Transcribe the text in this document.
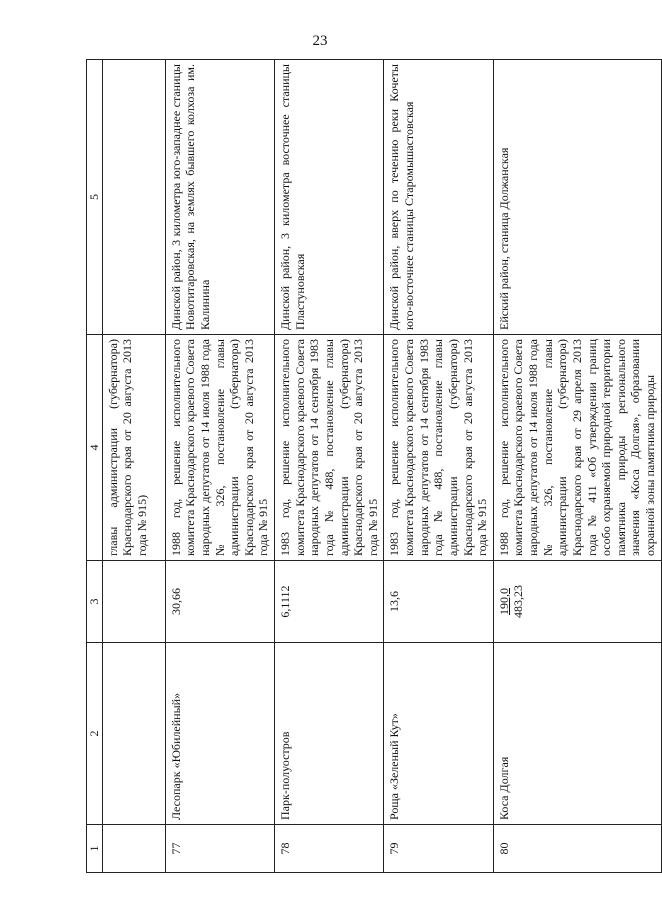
23
1	2	3	4	5
			главы администрации (губернатора) Краснодарского края от 20 августа 2013 года № 915)	
77	Лесопарк «Юбилейный»	30,66	1988 год, решение исполнительного комитета Краснодарского краевого Совета народных депутатов от 14 июля 1988 года № 326, постановление главы администрации (губернатора) Краснодарского края от 20 августа 2013 года № 915	Динской район, 3 километра юго-западнее станицы Новотитаровская, на землях бывшего колхоза им. Калинина
78	Парк-полуостров	6,1112	1983 год, решение исполнительного комитета Краснодарского краевого Совета народных депутатов от 14 сентября 1983 года № 488, постановление главы администрации (губернатора) Краснодарского края от 20 августа 2013 года № 915	Динской район, 3 километра восточнее станицы Пластуновская
79	Роща «Зеленый Кут»	13,6	1983 год, решение исполнительного комитета Краснодарского краевого Совета народных депутатов от 14 сентября 1983 года № 488, постановление главы администрации (губернатора) Краснодарского края от 20 августа 2013 года № 915	Динской район, вверх по течению реки Кочеты юго-восточнее станицы Старомышастовская
80	Коса Долгая	190,0 483,23	1988 год, решение исполнительного комитета Краснодарского краевого Совета народных депутатов от 14 июля 1988 года № 326, постановление главы администрации (губернатора) Краснодарского края от 29 апреля 2013 года № 411 «Об утверждении границ особо охраняемой природной территории памятника природы регионального значения «Коса Долгая», образовании охранной зоны памятника природы	Ейский район, станица Должанская
